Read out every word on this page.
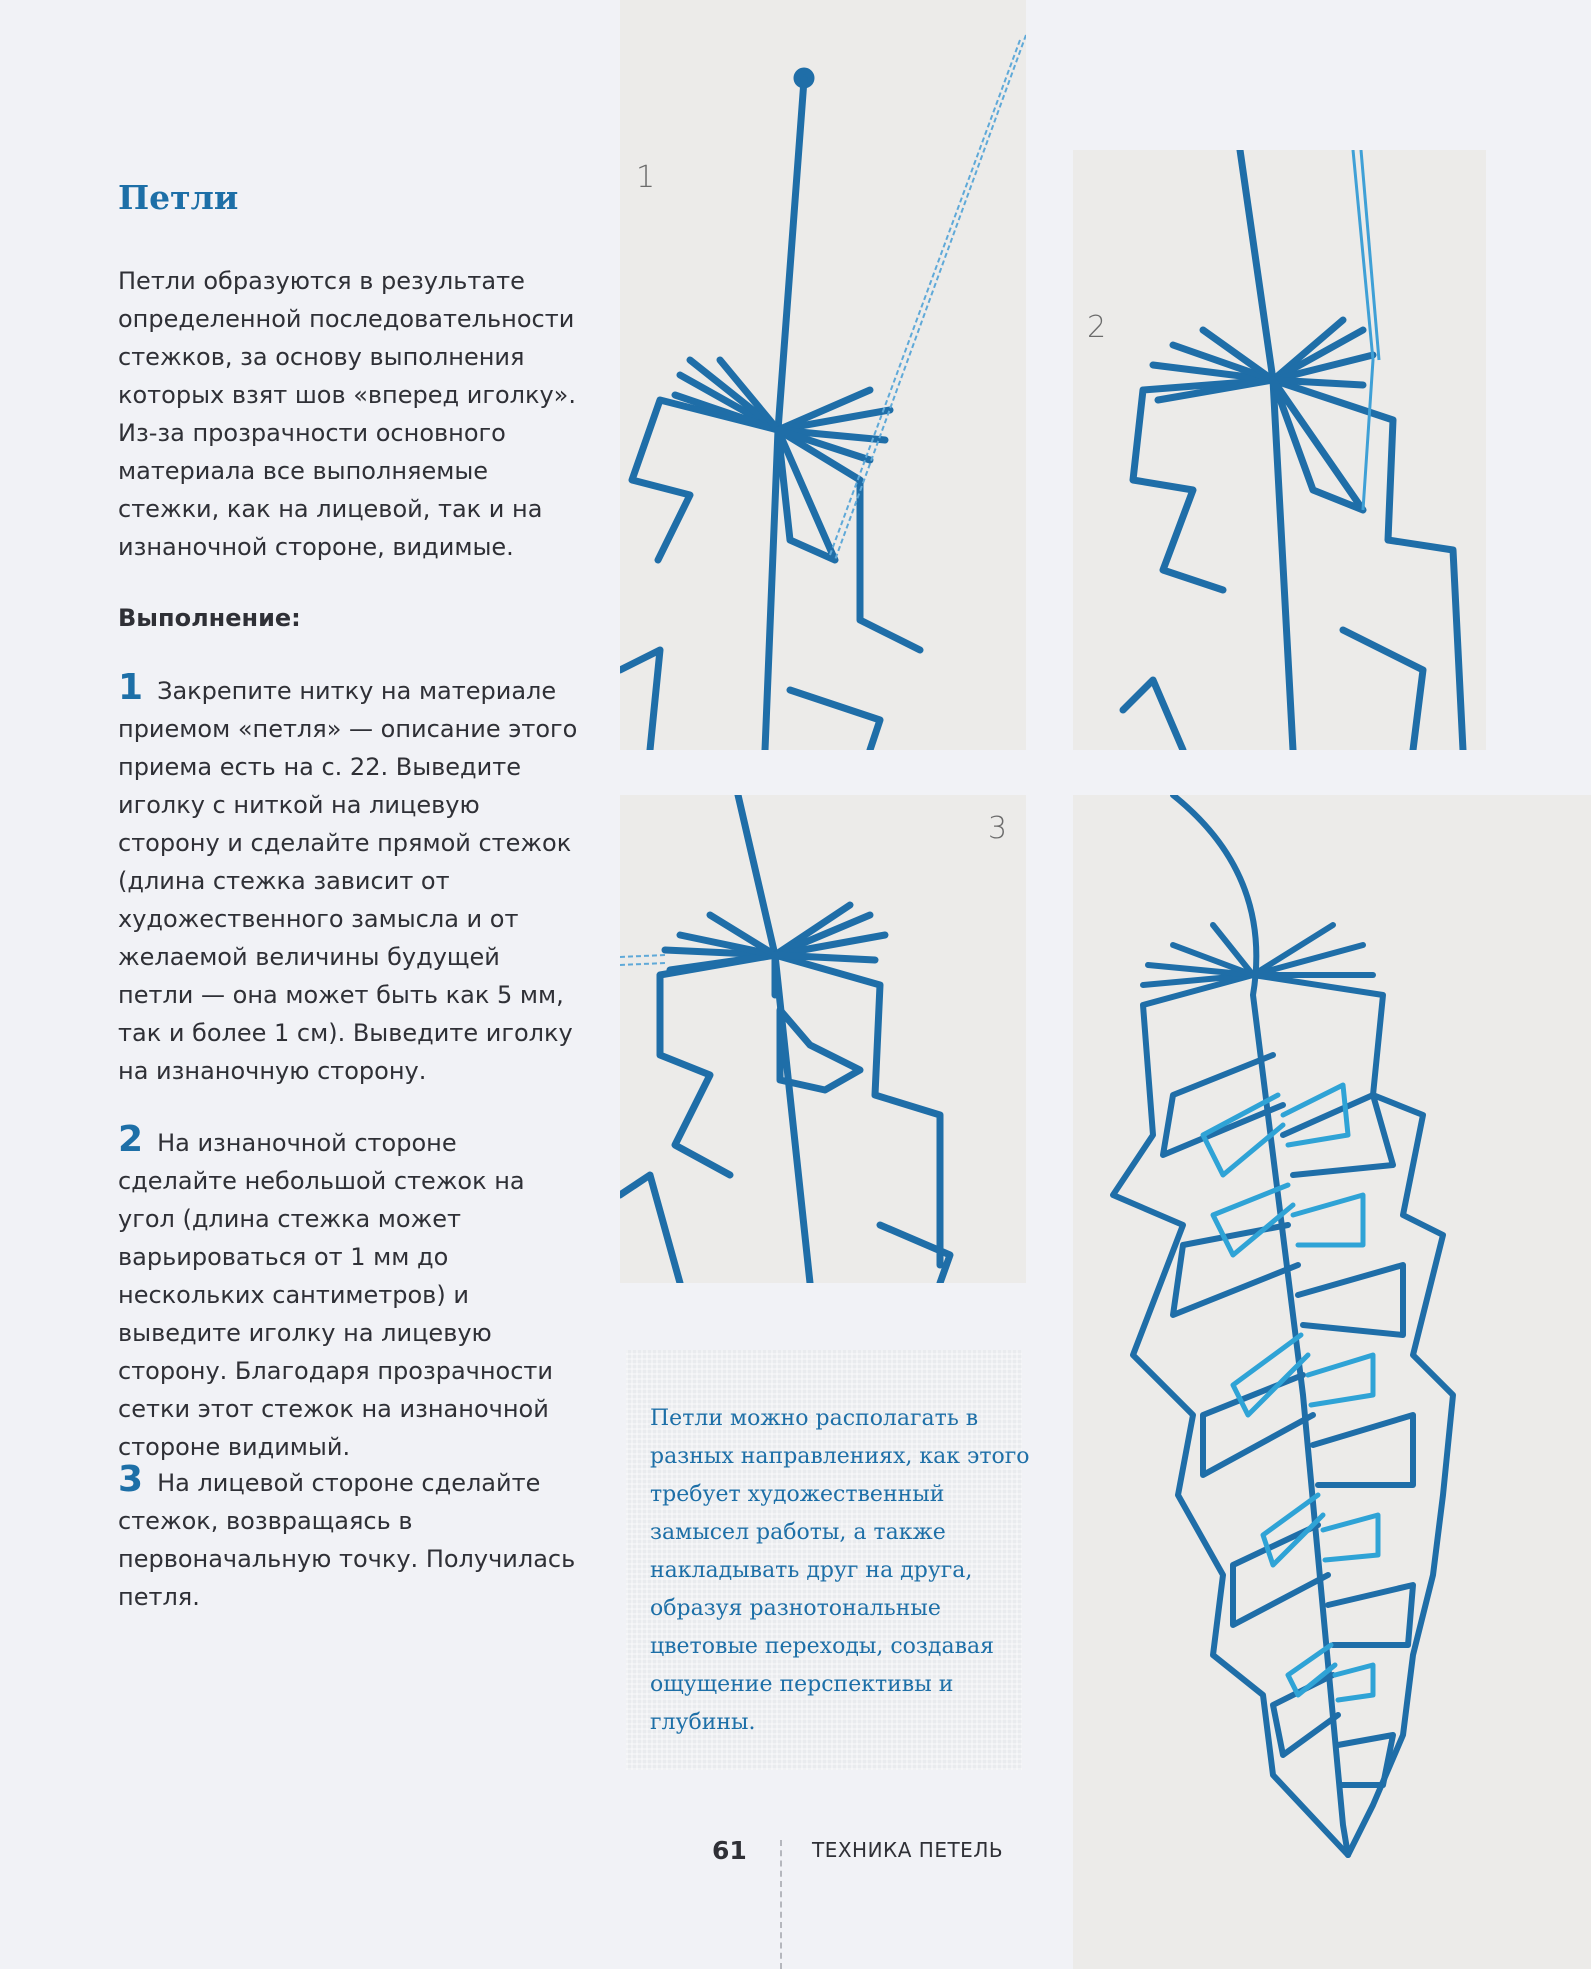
Петли

Петли образуются в результате определенной последовательности стежков, за основу выполнения которых взят шов «вперед иголку». Из-за прозрачности основного материала все выполняемые стежки, как на лицевой, так и на изнаночной стороне, видимые.

Выполнение:

1 Закрепите нитку на материале приемом «петля» — описание этого приема есть на с. 22. Выведите иголку с ниткой на лицевую сторону и сделайте прямой стежок (длина стежка зависит от художественного замысла и от желаемой величины будущей петли — она может быть как 5 мм, так и более 1 см). Выведите иголку на изнаночную сторону.

2 На изнаночной стороне сделайте небольшой стежок на угол (длина стежка может варьироваться от 1 мм до нескольких сантиметров) и выведите иголку на лицевую сторону. Благодаря прозрачности сетки этот стежок на изнаночной стороне видимый.

3 На лицевой стороне сделайте стежок, возвращаясь в первоначальную точку. Получилась петля.

1
2
3

Петли можно располагать в разных направлениях, как этого требует художественный замысел работы, а также накладывать друг на друга, образуя разнотональные цветовые переходы, создавая ощущение перспективы и глубины.

61	ТЕХНИКА ПЕТЕЛЬ
